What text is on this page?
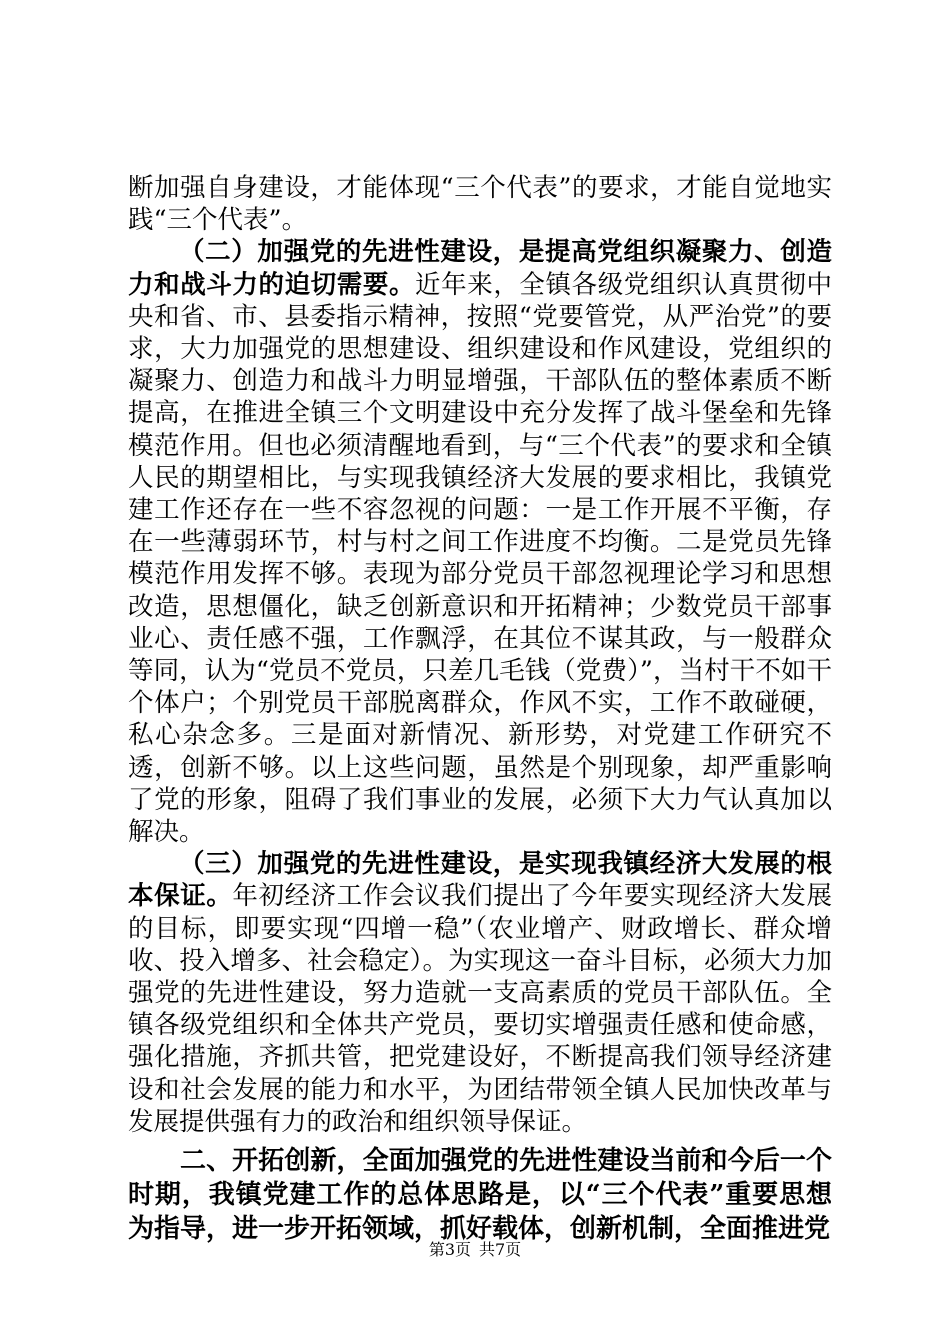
断加强自身建设，才能体现“三个代表”的要求，才能自觉地实践“三个代表”。

（二）加强党的先进性建设，是提高党组织凝聚力、创造力和战斗力的迫切需要。近年来，全镇各级党组织认真贯彻中央和省、市、县委指示精神，按照“党要管党，从严治党”的要求，大力加强党的思想建设、组织建设和作风建设，党组织的凝聚力、创造力和战斗力明显增强，干部队伍的整体素质不断提高，在推进全镇三个文明建设中充分发挥了战斗堡垒和先锋模范作用。但也必须清醒地看到，与“三个代表”的要求和全镇人民的期望相比，与实现我镇经济大发展的要求相比，我镇党建工作还存在一些不容忽视的问题：一是工作开展不平衡，存在一些薄弱环节，村与村之间工作进度不均衡。二是党员先锋模范作用发挥不够。表现为部分党员干部忽视理论学习和思想改造，思想僵化，缺乏创新意识和开拓精神；少数党员干部事业心、责任感不强，工作飘浮，在其位不谋其政，与一般群众等同，认为“党员不党员，只差几毛钱（党费）”，当村干不如干个体户；个别党员干部脱离群众，作风不实，工作不敢碰硬，私心杂念多。三是面对新情况、新形势，对党建工作研究不透，创新不够。以上这些问题，虽然是个别现象，却严重影响了党的形象，阻碍了我们事业的发展，必须下大力气认真加以解决。

（三）加强党的先进性建设，是实现我镇经济大发展的根本保证。年初经济工作会议我们提出了今年要实现经济大发展的目标，即要实现“四增一稳”（农业增产、财政增长、群众增收、投入增多、社会稳定）。为实现这一奋斗目标，必须大力加强党的先进性建设，努力造就一支高素质的党员干部队伍。全镇各级党组织和全体共产党员，要切实增强责任感和使命感，强化措施，齐抓共管，把党建设好，不断提高我们领导经济建设和社会发展的能力和水平，为团结带领全镇人民加快改革与发展提供强有力的政治和组织领导保证。

二、开拓创新，全面加强党的先进性建设当前和今后一个时期，我镇党建工作的总体思路是，以“三个代表”重要思想为指导，进一步开拓领域，抓好载体，创新机制，全面推进党

第3页 共7页
